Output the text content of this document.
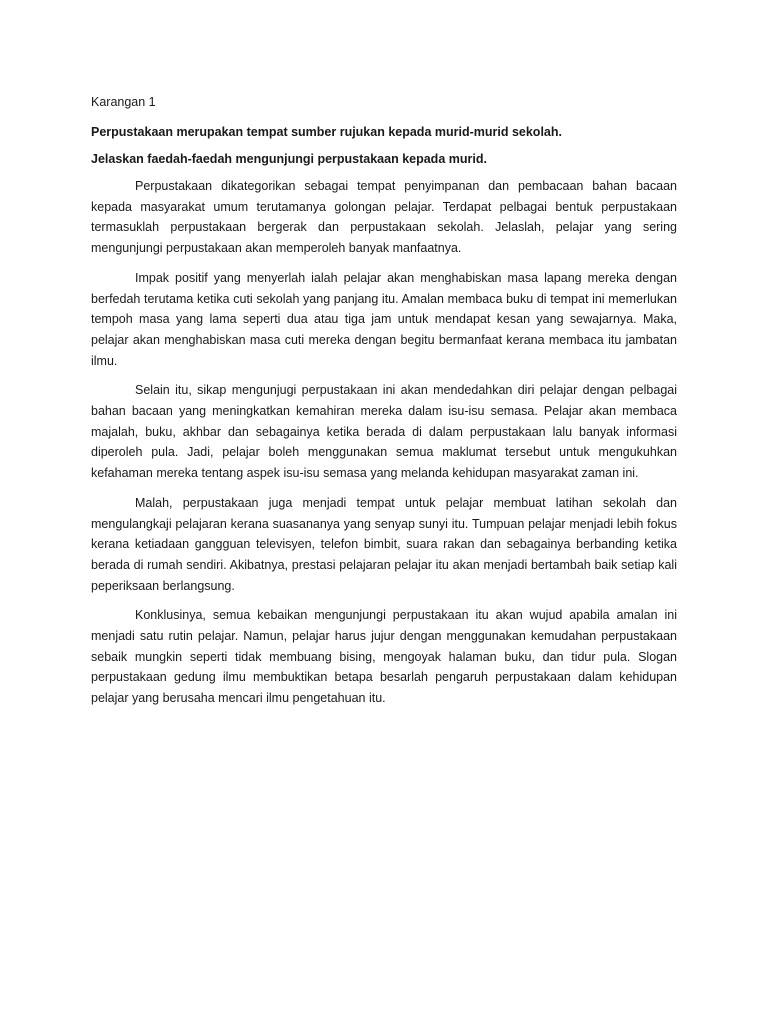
Karangan 1

Perpustakaan merupakan tempat sumber rujukan kepada murid-murid sekolah.

Jelaskan faedah-faedah mengunjungi perpustakaan kepada murid.

Perpustakaan dikategorikan sebagai tempat penyimpanan dan pembacaan bahan bacaan kepada masyarakat umum terutamanya golongan pelajar. Terdapat pelbagai bentuk perpustakaan termasuklah perpustakaan bergerak dan perpustakaan sekolah. Jelaslah, pelajar yang sering mengunjungi perpustakaan akan memperoleh banyak manfaatnya.

Impak positif yang menyerlah ialah pelajar akan menghabiskan masa lapang mereka dengan berfedah terutama ketika cuti sekolah yang panjang itu. Amalan membaca buku di tempat ini memerlukan tempoh masa yang lama seperti dua atau tiga jam untuk mendapat kesan yang sewajarnya. Maka, pelajar akan menghabiskan masa cuti mereka dengan begitu bermanfaat kerana membaca itu jambatan ilmu.

Selain itu, sikap mengunjugi perpustakaan ini akan mendedahkan diri pelajar dengan pelbagai bahan bacaan yang meningkatkan kemahiran mereka dalam isu-isu semasa. Pelajar akan membaca majalah, buku, akhbar dan sebagainya ketika berada di dalam perpustakaan lalu banyak informasi diperoleh pula. Jadi, pelajar boleh menggunakan semua maklumat tersebut untuk mengukuhkan kefahaman mereka tentang aspek isu-isu semasa yang melanda kehidupan masyarakat zaman ini.

Malah, perpustakaan juga menjadi tempat untuk pelajar membuat latihan sekolah dan mengulangkaji pelajaran kerana suasananya yang senyap sunyi itu. Tumpuan pelajar menjadi lebih fokus kerana ketiadaan gangguan televisyen, telefon bimbit, suara rakan dan sebagainya berbanding ketika berada di rumah sendiri. Akibatnya, prestasi pelajaran pelajar itu akan menjadi bertambah baik setiap kali peperiksaan berlangsung.

Konklusinya, semua kebaikan mengunjungi perpustakaan itu akan wujud apabila amalan ini menjadi satu rutin pelajar. Namun, pelajar harus jujur dengan menggunakan kemudahan perpustakaan sebaik mungkin seperti tidak membuang bising, mengoyak halaman buku, dan tidur pula. Slogan perpustakaan gedung ilmu membuktikan betapa besarlah pengaruh perpustakaan dalam kehidupan pelajar yang berusaha mencari ilmu pengetahuan itu.
